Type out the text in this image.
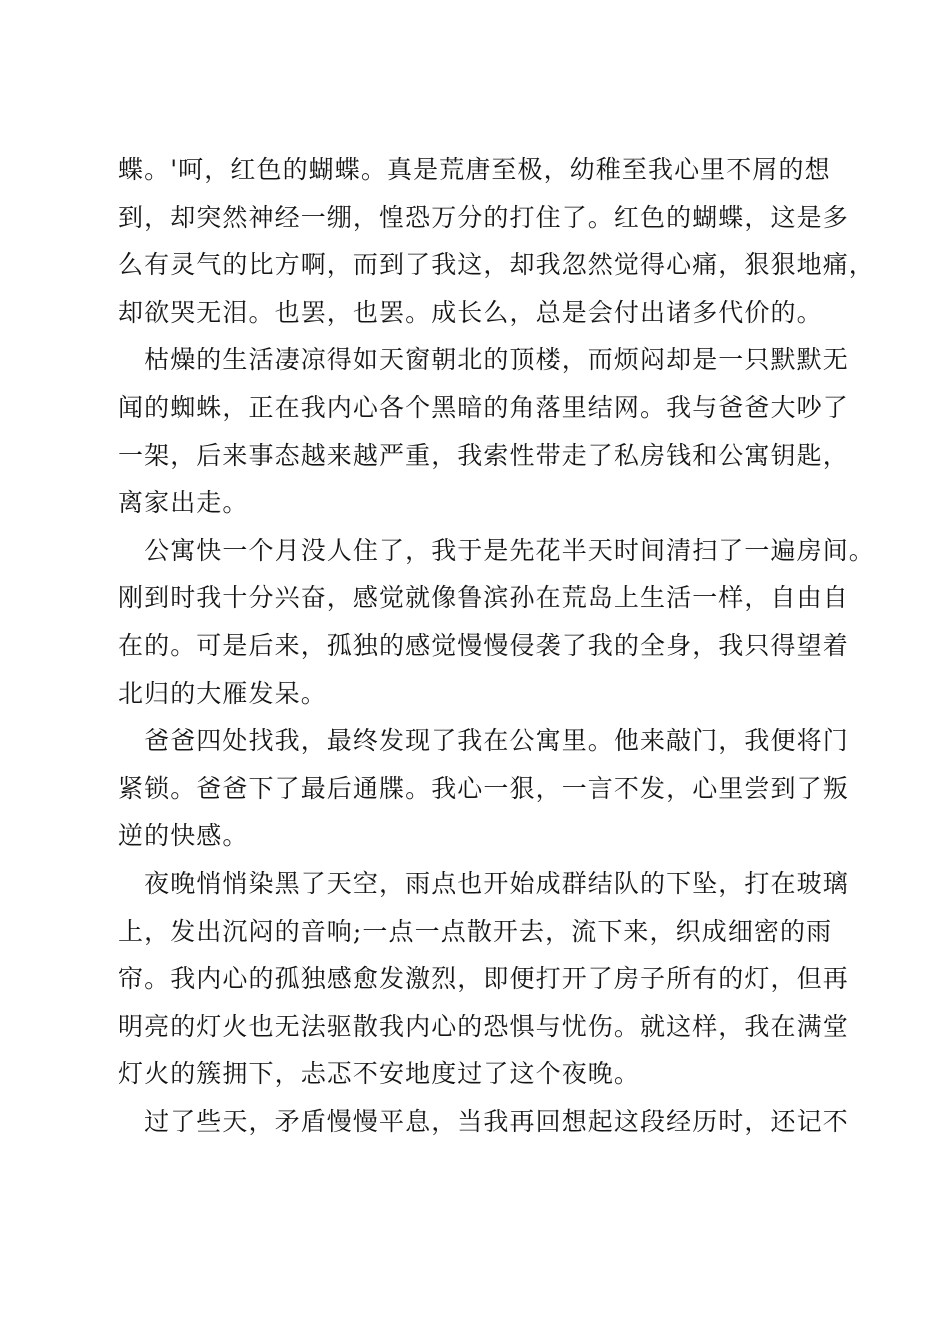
蝶。'呵，红色的蝴蝶。真是荒唐至极，幼稚至我心里不屑的想
到，却突然神经一绷，惶恐万分的打住了。红色的蝴蝶，这是多
么有灵气的比方啊，而到了我这，却我忽然觉得心痛，狠狠地痛，
却欲哭无泪。也罢，也罢。成长么，总是会付出诸多代价的。
　枯燥的生活凄凉得如天窗朝北的顶楼，而烦闷却是一只默默无
闻的蜘蛛，正在我内心各个黑暗的角落里结网。我与爸爸大吵了
一架，后来事态越来越严重，我索性带走了私房钱和公寓钥匙，
离家出走。
　公寓快一个月没人住了，我于是先花半天时间清扫了一遍房间。
刚到时我十分兴奋，感觉就像鲁滨孙在荒岛上生活一样，自由自
在的。可是后来，孤独的感觉慢慢侵袭了我的全身，我只得望着
北归的大雁发呆。
　爸爸四处找我，最终发现了我在公寓里。他来敲门，我便将门
紧锁。爸爸下了最后通牒。我心一狠，一言不发，心里尝到了叛
逆的快感。
　夜晚悄悄染黑了天空，雨点也开始成群结队的下坠，打在玻璃
上，发出沉闷的音响;一点一点散开去，流下来，织成细密的雨
帘。我内心的孤独感愈发激烈，即便打开了房子所有的灯，但再
明亮的灯火也无法驱散我内心的恐惧与忧伤。就这样，我在满堂
灯火的簇拥下，忐忑不安地度过了这个夜晚。
　过了些天，矛盾慢慢平息，当我再回想起这段经历时，还记不
